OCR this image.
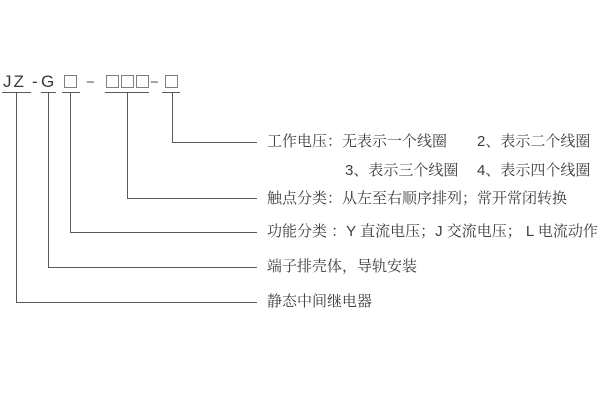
JZ - G −	−
工作电压：无表示一个线圈 2、表示二个线圈
3、表示三个线圈 4、表示四个线圈
触点分类：从左至右顺序排列；常开常闭转换
功能分类 ：Y 直流电压；J 交流电压； L 电流动作
端子排壳体，导轨安装
静态中间继电器
